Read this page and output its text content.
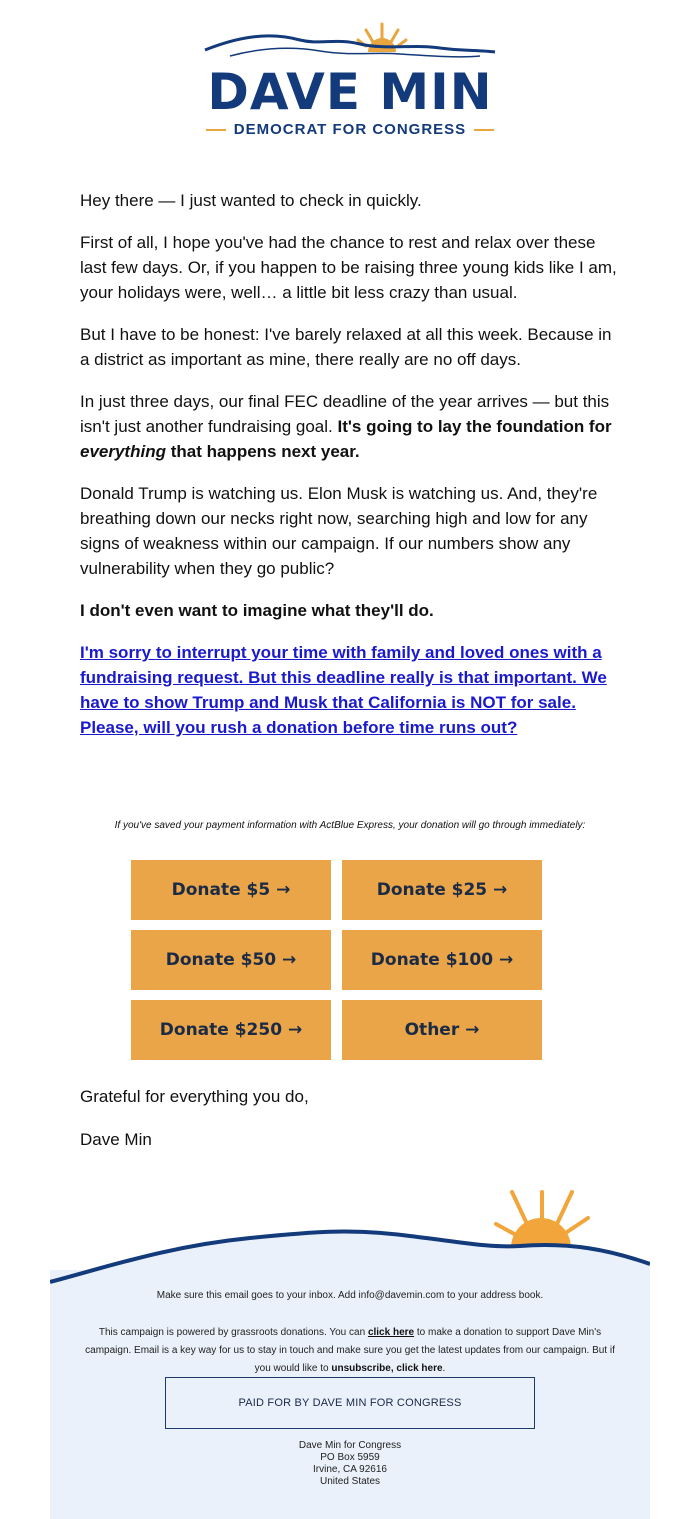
DAVE MIN
DEMOCRAT FOR CONGRESS

Hey there — I just wanted to check in quickly.

First of all, I hope you've had the chance to rest and relax over these last few days. Or, if you happen to be raising three young kids like I am, your holidays were, well… a little bit less crazy than usual.

But I have to be honest: I've barely relaxed at all this week. Because in a district as important as mine, there really are no off days.

In just three days, our final FEC deadline of the year arrives — but this isn't just another fundraising goal. It's going to lay the foundation for everything that happens next year.

Donald Trump is watching us. Elon Musk is watching us. And, they're breathing down our necks right now, searching high and low for any signs of weakness within our campaign. If our numbers show any vulnerability when they go public?

I don't even want to imagine what they'll do.

I'm sorry to interrupt your time with family and loved ones with a fundraising request. But this deadline really is that important. We have to show Trump and Musk that California is NOT for sale. Please, will you rush a donation before time runs out?

If you've saved your payment information with ActBlue Express, your donation will go through immediately:
Donate $5 →	Donate $25 →
Donate $50 →	Donate $100 →
Donate $250 →	Other →

Grateful for everything you do,

Dave Min

Make sure this email goes to your inbox. Add info@davemin.com to your address book.
This campaign is powered by grassroots donations. You can click here to make a donation to support Dave Min's campaign. Email is a key way for us to stay in touch and make sure you get the latest updates from our campaign. But if you would like to unsubscribe, click here.
PAID FOR BY DAVE MIN FOR CONGRESS
Dave Min for Congress
PO Box 5959
Irvine, CA 92616
United States
